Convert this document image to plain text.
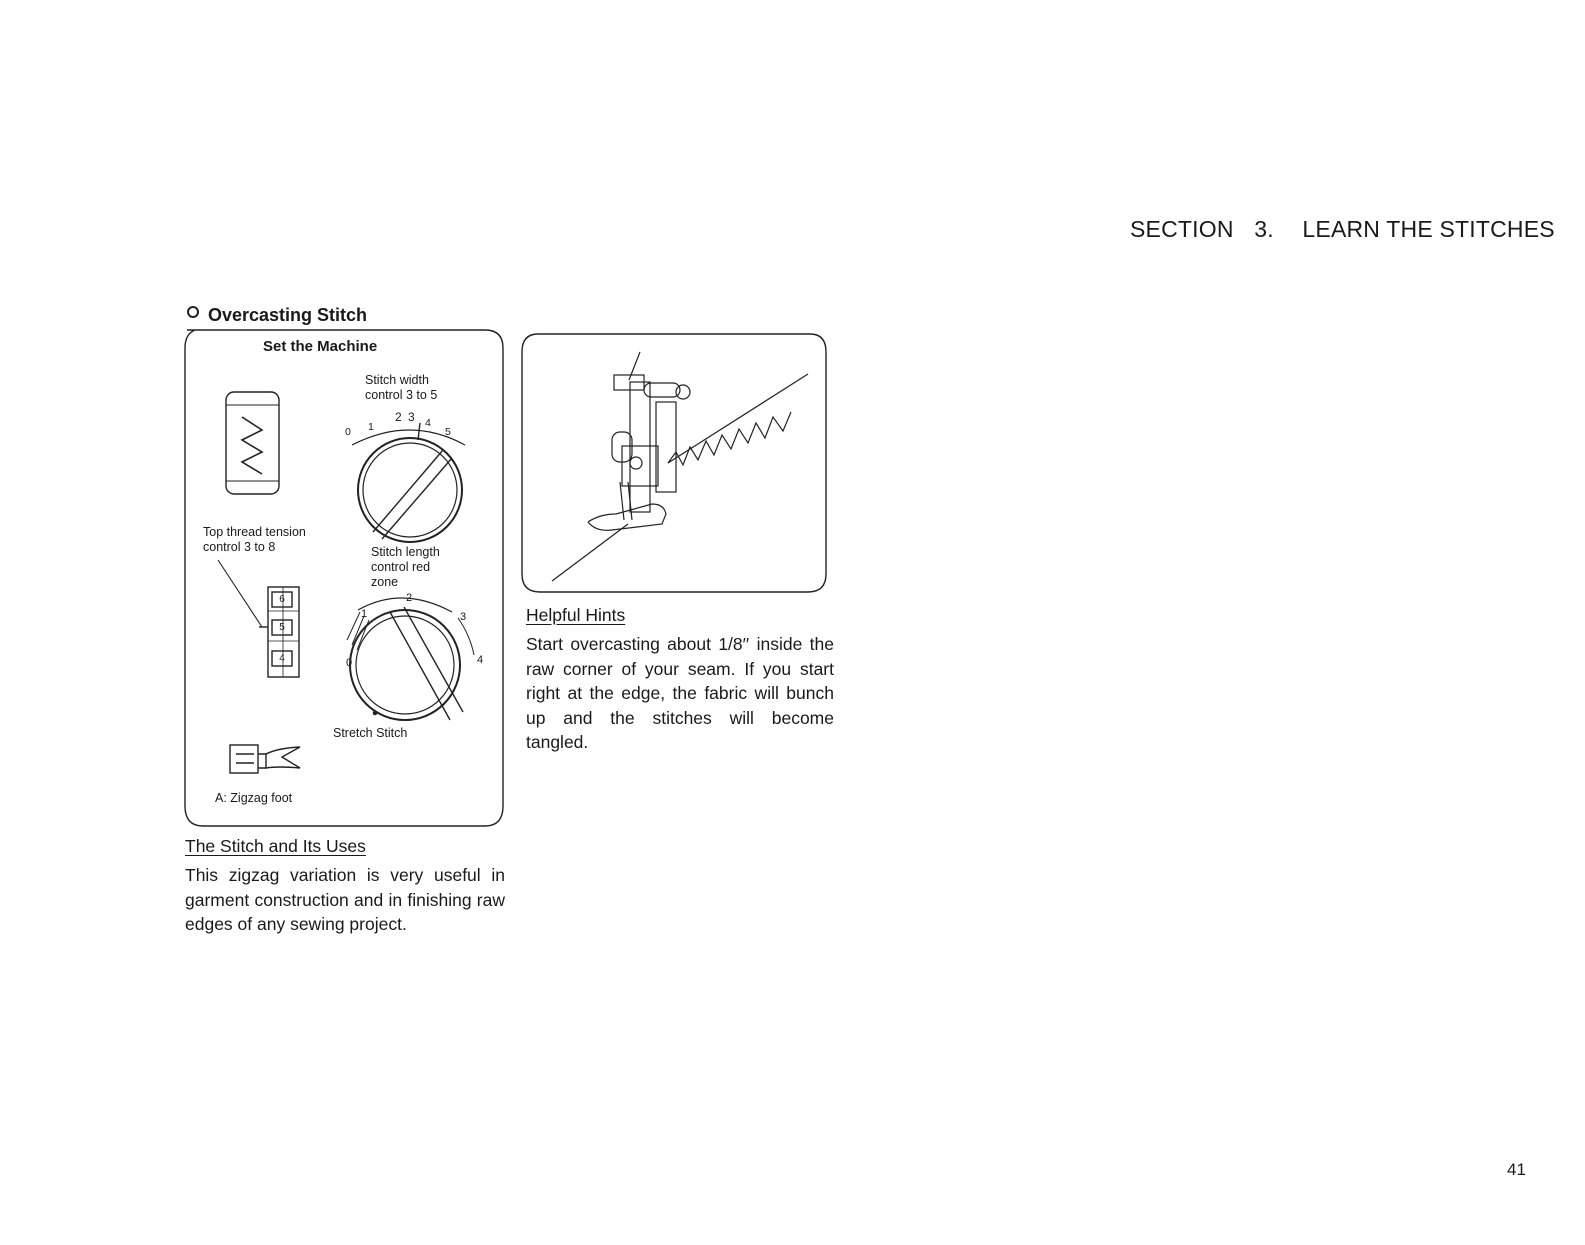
SECTION 3. LEARN THE STITCHES
Overcasting Stitch
Set the Machine
Stitch width
control 3 to 5
0 1
2 3 4
5
Top thread tension
control 3 to 8
6
5
4
Stitch length
control red
zone
0
1
2
3
4
Stretch Stitch
A: Zigzag foot
The Stitch and Its Uses
This zigzag variation is very useful in garment construction and in finishing raw edges of any sewing project.
Helpful Hints
Start overcasting about 1/8′′ inside the raw corner of your seam. If you start right at the edge, the fabric will bunch up and the stitches will become tangled.
41
